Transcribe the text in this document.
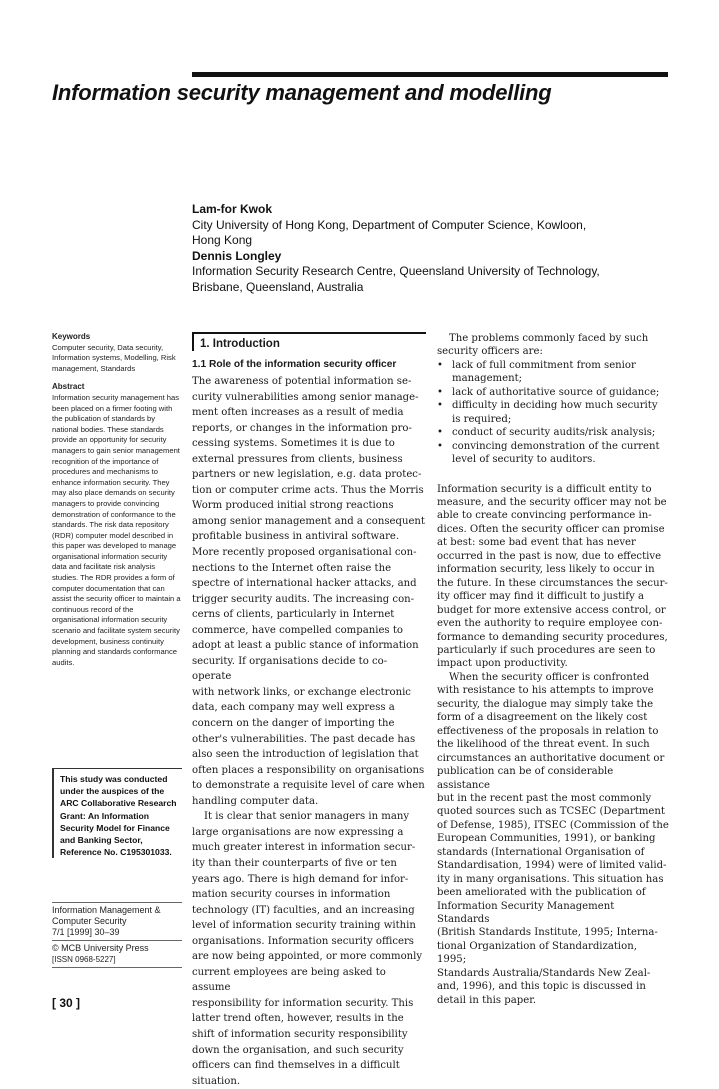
Information security management and modelling
Lam-for Kwok
City University of Hong Kong, Department of Computer Science, Kowloon,
Hong Kong
Dennis Longley
Information Security Research Centre, Queensland University of Technology,
Brisbane, Queensland, Australia
Keywords
Computer security, Data security, Information systems, Modelling, Risk management, Standards
Abstract
Information security management has been placed on a firmer footing with the publication of standards by national bodies. These standards provide an opportunity for security managers to gain senior management recognition of the importance of procedures and mechanisms to enhance information security. They may also place demands on security managers to provide convincing demonstration of conformance to the standards. The risk data repository (RDR) computer model described in this paper was developed to manage organisational information security data and facilitate risk analysis studies. The RDR provides a form of computer documentation that can assist the security officer to maintain a continuous record of the organisational information security scenario and facilitate system security development, business continuity planning and standards conformance audits.
This study was conducted under the auspices of the ARC Collaborative Research Grant: An Information Security Model for Finance and Banking Sector, Reference No. C195301033.
Information Management & Computer Security
7/1 [1999] 30–39
© MCB University Press
[ISSN 0968-5227]
[ 30 ]
1. Introduction
1.1 Role of the information security officer

The awareness of potential information se-
curity vulnerabilities among senior manage-
ment often increases as a result of media
reports, or changes in the information pro-
cessing systems. Sometimes it is due to
external pressures from clients, business
partners or new legislation, e.g. data protec-
tion or computer crime acts. Thus the Morris
Worm produced initial strong reactions
among senior management and a consequent
profitable business in antiviral software.
More recently proposed organisational con-
nections to the Internet often raise the
spectre of international hacker attacks, and
trigger security audits. The increasing con-
cerns of clients, particularly in Internet
commerce, have compelled companies to
adopt at least a public stance of information
security. If organisations decide to co-operate
with network links, or exchange electronic
data, each company may well express a
concern on the danger of importing the
other's vulnerabilities. The past decade has
also seen the introduction of legislation that
often places a responsibility on organisations
to demonstrate a requisite level of care when
handling computer data.

It is clear that senior managers in many
large organisations are now expressing a
much greater interest in information secur-
ity than their counterparts of five or ten
years ago. There is high demand for infor-
mation security courses in information
technology (IT) faculties, and an increasing
level of information security training within
organisations. Information security officers
are now being appointed, or more commonly
current employees are being asked to assume
responsibility for information security. This
latter trend often, however, results in the
shift of information security responsibility
down the organisation, and such security
officers can find themselves in a difficult
situation.

The problems commonly faced by such
security officers are:

• lack of full commitment from senior
management;
• lack of authoritative source of guidance;
• difficulty in deciding how much security
is required;
• conduct of security audits/risk analysis;
• convincing demonstration of the current
level of security to auditors.

Information security is a difficult entity to
measure, and the security officer may not be
able to create convincing performance in-
dices. Often the security officer can promise
at best: some bad event that has never
occurred in the past is now, due to effective
information security, less likely to occur in
the future. In these circumstances the secur-
ity officer may find it difficult to justify a
budget for more extensive access control, or
even the authority to require employee con-
formance to demanding security procedures,
particularly if such procedures are seen to
impact upon productivity.

When the security officer is confronted
with resistance to his attempts to improve
security, the dialogue may simply take the
form of a disagreement on the likely cost
effectiveness of the proposals in relation to
the likelihood of the threat event. In such
circumstances an authoritative document or
publication can be of considerable assistance
but in the recent past the most commonly
quoted sources such as TCSEC (Department
of Defense, 1985), ITSEC (Commission of the
European Communities, 1991), or banking
standards (International Organisation of
Standardisation, 1994) were of limited valid-
ity in many organisations. This situation has
been ameliorated with the publication of
Information Security Management Standards
(British Standards Institute, 1995; Interna-
tional Organization of Standardization, 1995;
Standards Australia/Standards New Zeal-
and, 1996), and this topic is discussed in
detail in this paper.
